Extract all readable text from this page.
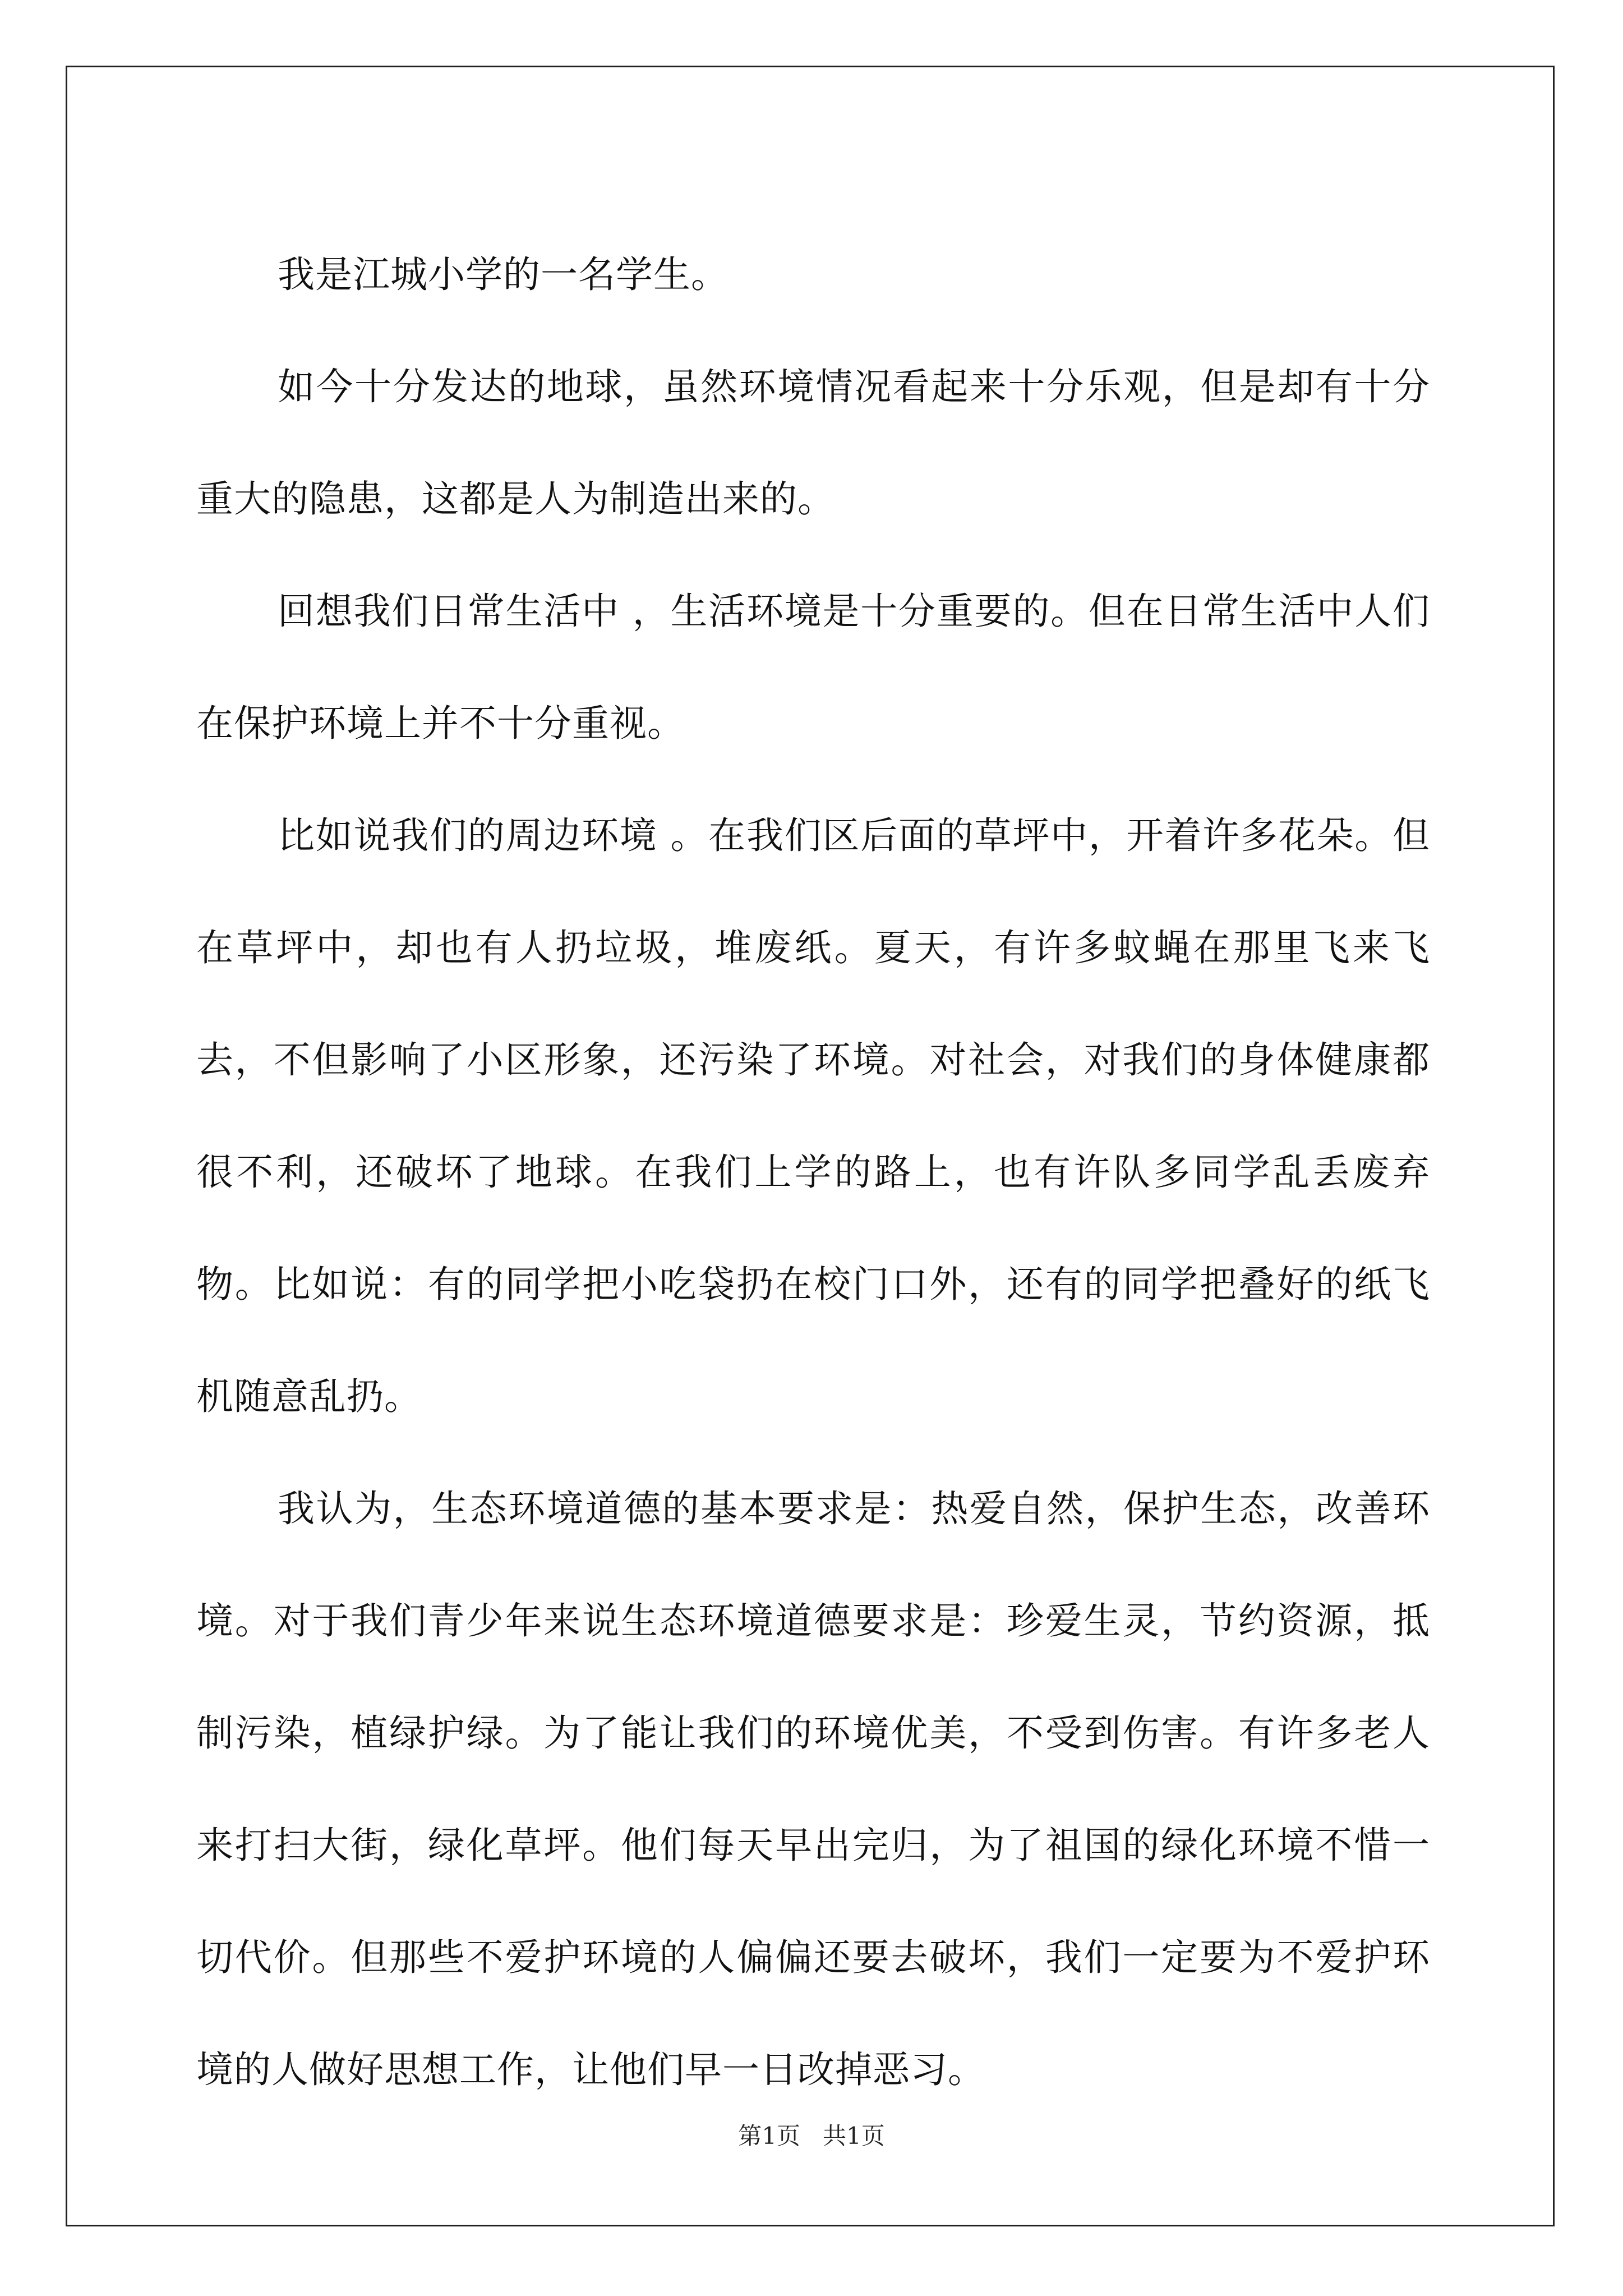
我是江城小学的一名学生。

如今十分发达的地球，虽然环境情况看起来十分乐观，但是却有十分重大的隐患，这都是人为制造出来的。

回想我们日常生活中 ，生活环境是十分重要的。但在日常生活中人们在保护环境上并不十分重视。

比如说我们的周边环境 。在我们区后面的草坪中，开着许多花朵。但在草坪中，却也有人扔垃圾，堆废纸。夏天，有许多蚊蝇在那里飞来飞去，不但影响了小区形象，还污染了环境。对社会，对我们的身体健康都很不利，还破坏了地球。在我们上学的路上，也有许队多同学乱丢废弃物。比如说：有的同学把小吃袋扔在校门口外，还有的同学把叠好的纸飞机随意乱扔。

我认为，生态环境道德的基本要求是：热爱自然，保护生态，改善环境。对于我们青少年来说生态环境道德要求是：珍爱生灵，节约资源，抵制污染，植绿护绿。为了能让我们的环境优美，不受到伤害。有许多老人来打扫大街，绿化草坪。他们每天早出完归，为了祖国的绿化环境不惜一切代价。但那些不爱护环境的人偏偏还要去破坏，我们一定要为不爱护环境的人做好思想工作，让他们早一日改掉恶习。

第1页   共1页
